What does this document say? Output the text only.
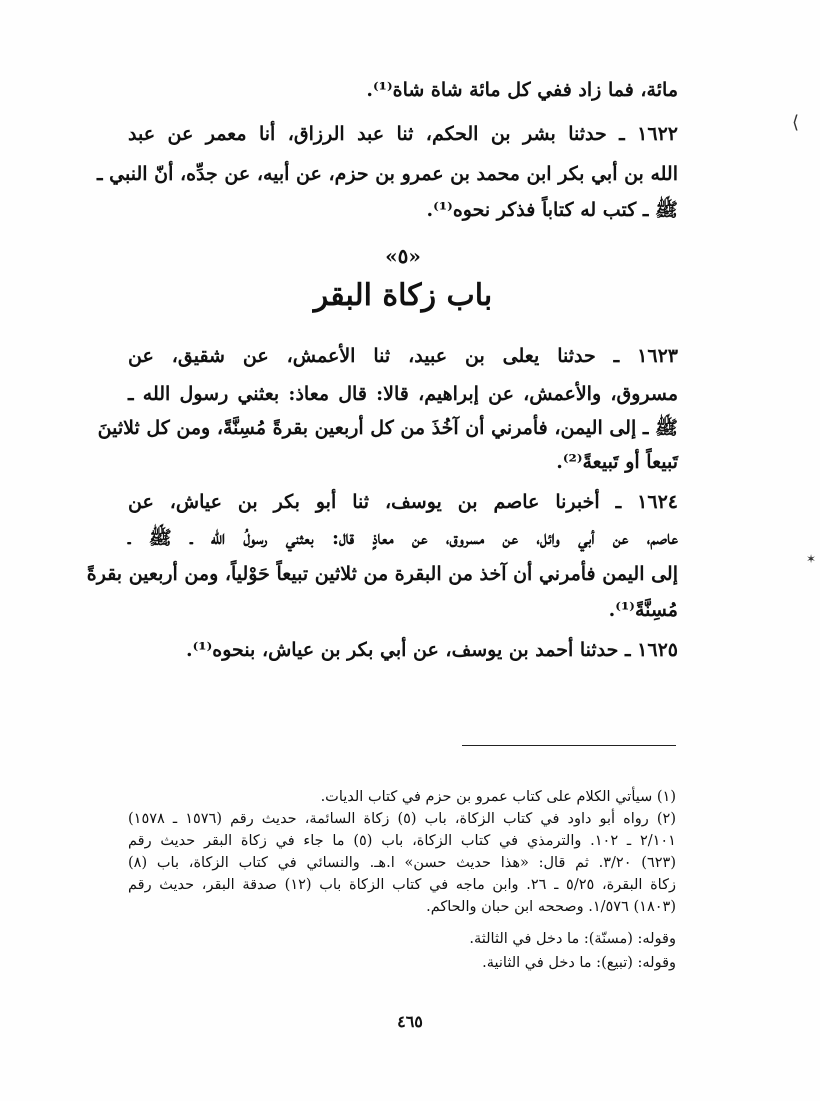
مائة، فما زاد ففي كل مائة شاة شاة⁽¹⁾.
١٦٢٢ ـ حدثنا بشر بن الحكم، ثنا عبد الرزاق، أنا معمر عن عبد
الله بن أبي بكر ابن محمد بن عمرو بن حزم، عن أبيه، عن جدِّه، أنّ النبي ـ
ﷺ ـ كتب له كتاباً فذكر نحوه⁽¹⁾.
١٦٢٣ ـ حدثنا يعلى بن عبيد، ثنا الأعمش، عن شقيق، عن
مسروق، والأعمش، عن إبراهيم، قالا: قال معاذ: بعثني رسول الله ـ
ﷺ ـ إلى اليمن، فأمرني أن آخُذَ من كل أربعين بقرةً مُسِنَّةً، ومن كل ثلاثينَ
تَبيعاً أو تَبيعةً⁽²⁾.
١٦٢٤ ـ أخبرنا عاصم بن يوسف، ثنا أبو بكر بن عياش، عن
عاصم، عن أبي وائل، عن مسروق، عن معاذٍ قال: بعثني رسولُ الله ـ ﷺ ـ
إلى اليمن فأمرني أن آخذ من البقرة من ثلاثين تبيعاً حَوْلياً، ومن أربعين بقرةً
مُسِنَّةً⁽¹⁾.
١٦٢٥ ـ حدثنا أحمد بن يوسف، عن أبي بكر بن عياش، بنحوه⁽¹⁾.
«٥»
باب زكاة البقر
(١) سيأتي الكلام على كتاب عمرو بن حزم في كتاب الديات.
(٢) رواه أبو داود في كتاب الزكاة، باب (٥) زكاة السائمة، حديث رقم (١٥٧٦ ـ ١٥٧٨)
٢/١٠١ ـ ١٠٢. والترمذي في كتاب الزكاة، باب (٥) ما جاء في زكاة البقر حديث رقم
(٦٢٣) ٣/٢٠. ثم قال: «هذا حديث حسن» ا.هـ. والنسائي في كتاب الزكاة، باب (٨)
زكاة البقرة، ٥/٢٥ ـ ٢٦. وابن ماجه في كتاب الزكاة باب (١٢) صدقة البقر، حديث رقم
(١٨٠٣) ١/٥٧٦. وصححه ابن حبان والحاكم.
وقوله: (مسنّة): ما دخل في الثالثة.
وقوله: (تبيع): ما دخل في الثانية.
٤٦٥
⟨
✶
